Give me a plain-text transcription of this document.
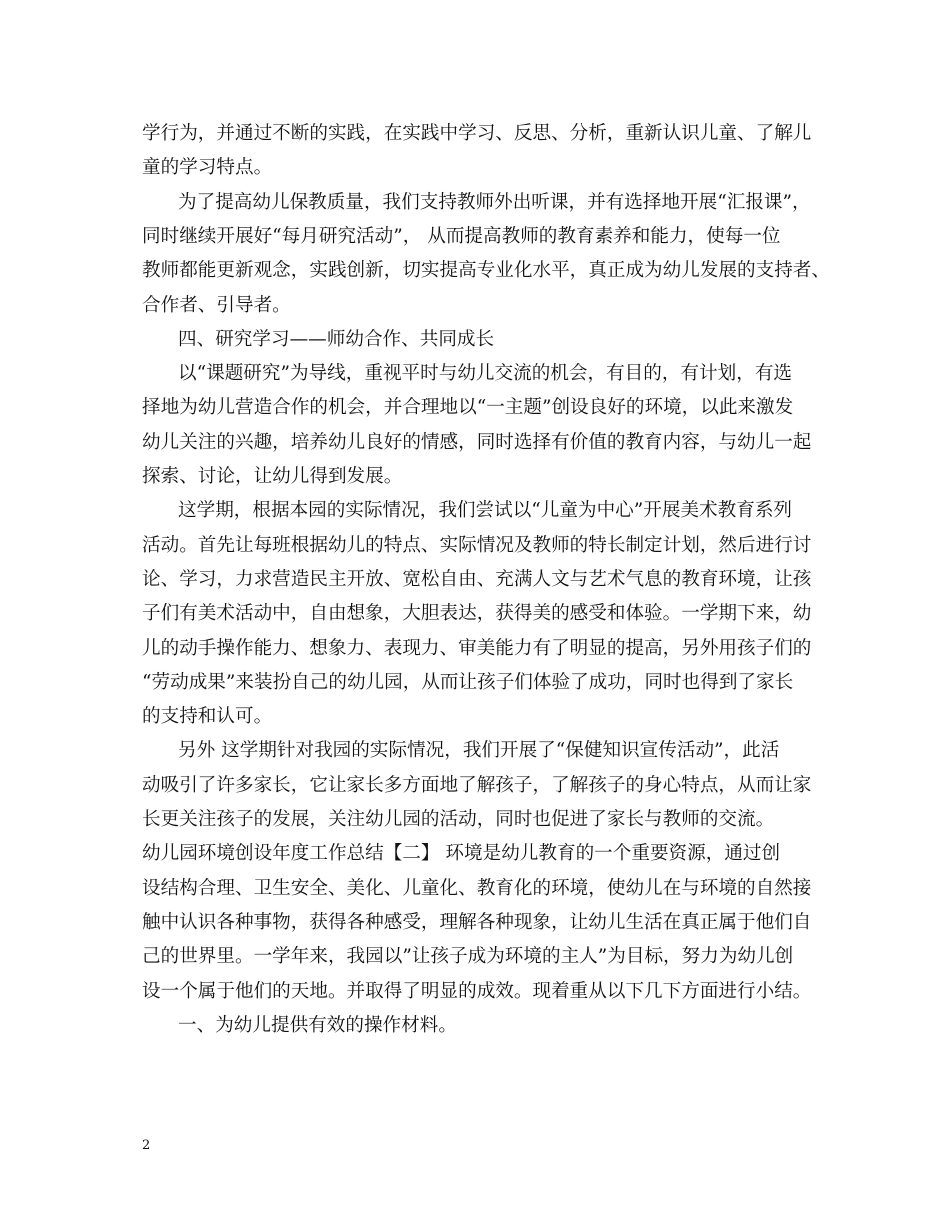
学行为，并通过不断的实践，在实践中学习、反思、分析，重新认识儿童、了解儿
童的学习特点。
为了提高幼儿保教质量，我们支持教师外出听课，并有选择地开展“汇报课”，
同时继续开展好“每月研究活动”， 从而提高教师的教育素养和能力，使每一位
教师都能更新观念，实践创新，切实提高专业化水平，真正成为幼儿发展的支持者、
合作者、引导者。
四、研究学习——师幼合作、共同成长
以“课题研究”为导线，重视平时与幼儿交流的机会，有目的，有计划，有选
择地为幼儿营造合作的机会，并合理地以“一主题”创设良好的环境，以此来激发
幼儿关注的兴趣，培养幼儿良好的情感，同时选择有价值的教育内容，与幼儿一起
探索、讨论，让幼儿得到发展。
这学期，根据本园的实际情况，我们尝试以“儿童为中心”开展美术教育系列
活动。首先让每班根据幼儿的特点、实际情况及教师的特长制定计划，然后进行讨
论、学习，力求营造民主开放、宽松自由、充满人文与艺术气息的教育环境，让孩
子们有美术活动中，自由想象，大胆表达，获得美的感受和体验。一学期下来，幼
儿的动手操作能力、想象力、表现力、审美能力有了明显的提高，另外用孩子们的
“劳动成果”来装扮自己的幼儿园，从而让孩子们体验了成功，同时也得到了家长
的支持和认可。
另外 这学期针对我园的实际情况，我们开展了“保健知识宣传活动”，此活
动吸引了许多家长，它让家长多方面地了解孩子，了解孩子的身心特点，从而让家
长更关注孩子的发展，关注幼儿园的活动，同时也促进了家长与教师的交流。
幼儿园环境创设年度工作总结【二】 环境是幼儿教育的一个重要资源，通过创
设结构合理、卫生安全、美化、儿童化、教育化的环境，使幼儿在与环境的自然接
触中认识各种事物，获得各种感受，理解各种现象，让幼儿生活在真正属于他们自
己的世界里。一学年来，我园以”让孩子成为环境的主人”为目标，努力为幼儿创
设一个属于他们的天地。并取得了明显的成效。现着重从以下几下方面进行小结。
一、为幼儿提供有效的操作材料。
2
